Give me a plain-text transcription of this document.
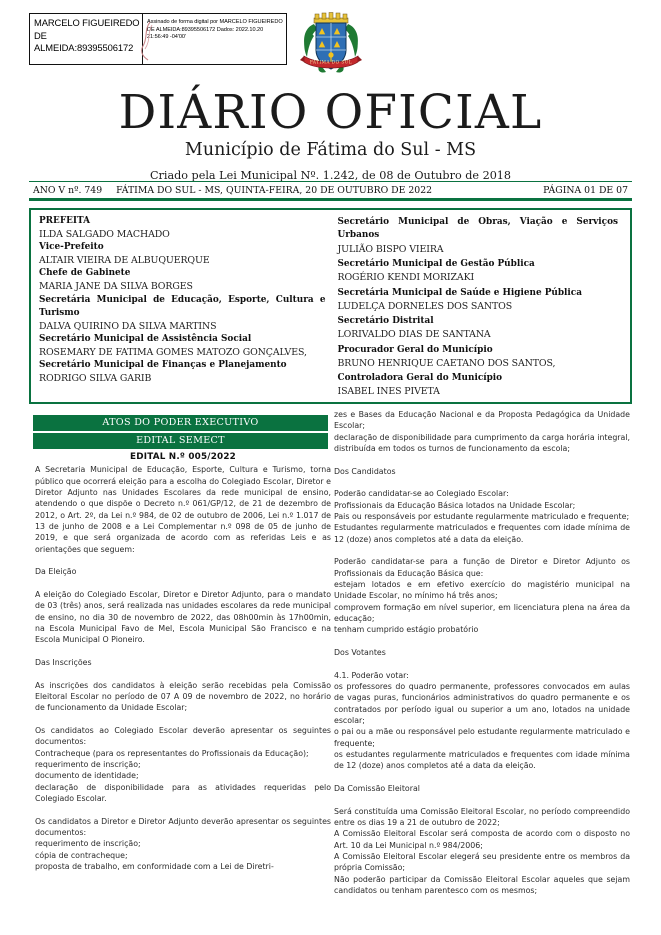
MARCELO FIGUEIREDO DE ALMEIDA:89395506172
Assinado de forma digital por MARCELO FIGUEIREDO DE ALMEIDA:89395506172 Dados: 2022.10.20 21:56:49 -04'00'
FATIMA DO SUL
DIÁRIO OFICIAL
Município de Fátima do Sul - MS
Criado pela Lei Municipal Nº. 1.242, de 08 de Outubro de 2018
ANO V nº. 749 FÁTIMA DO SUL - MS, QUINTA-FEIRA, 20 DE OUTUBRO DE 2022	PÁGINA 01 DE 07
PREFEITA
ILDA SALGADO MACHADO
Vice-Prefeito
ALTAIR VIEIRA DE ALBUQUERQUE
Chefe de Gabinete
MARIA JANE DA SILVA BORGES
Secretária Municipal de Educação, Esporte, Cultura e Turismo
DALVA QUIRINO DA SILVA MARTINS
Secretário Municipal de Assistência Social
ROSEMARY DE FATIMA GOMES MATOZO GONÇALVES,
Secretário Municipal de Finanças e Planejamento
RODRIGO SILVA GARIB
Secretário Municipal de Obras, Viação e Serviços Urbanos
JULIÃO BISPO VIEIRA
Secretário Municipal de Gestão Pública
ROGÉRIO KENDI MORIZAKI
Secretária Municipal de Saúde e Higiene Pública
LUDELÇA DORNELES DOS SANTOS
Secretário Distrital
LORIVALDO DIAS DE SANTANA
Procurador Geral do Município
BRUNO HENRIQUE CAETANO DOS SANTOS,
Controladora Geral do Município
ISABEL INES PIVETA
ATOS DO PODER EXECUTIVO
EDITAL SEMECT
EDITAL N.º 005/2022

A Secretaria Municipal de Educação, Esporte, Cultura e Turismo, torna público que ocorrerá eleição para a escolha do Colegiado Escolar, Diretor e Diretor Adjunto nas Unidades Escolares da rede municipal de ensino, atendendo o que dispõe o Decreto n.º 061/GP/12, de 21 de dezembro de 2012, o Art. 2º, da Lei n.º 984, de 02 de outubro de 2006, Lei n.º 1.017 de 13 de junho de 2008 e a Lei Complementar n.º 098 de 05 de junho de 2019, e que será organizada de acordo com as referidas Leis e as orientações que seguem:

Da Eleição

A eleição do Colegiado Escolar, Diretor e Diretor Adjunto, para o mandato de 03 (três) anos, será realizada nas unidades escolares da rede municipal de ensino, no dia 30 de novembro de 2022, das 08h00min às 17h00min, na Escola Municipal Favo de Mel, Escola Municipal São Francisco e na Escola Municipal O Pioneiro.

Das Inscrições

As inscrições dos candidatos à eleição serão recebidas pela Comissão Eleitoral Escolar no período de 07 A 09 de novembro de 2022, no horário de funcionamento da Unidade Escolar;

Os candidatos ao Colegiado Escolar deverão apresentar os seguintes documentos:

Contracheque (para os representantes do Profissionais da Educação);

requerimento de inscrição;

documento de identidade;

declaração de disponibilidade para as atividades requeridas pelo Colegiado Escolar.

Os candidatos a Diretor e Diretor Adjunto deverão apresentar os seguintes documentos:

requerimento de inscrição;

cópia de contracheque;

proposta de trabalho, em conformidade com a Lei de Diretri-

zes e Bases da Educação Nacional e da Proposta Pedagógica da Unidade Escolar;

declaração de disponibilidade para cumprimento da carga horária integral, distribuída em todos os turnos de funcionamento da escola;

Dos Candidatos

Poderão candidatar-se ao Colegiado Escolar:

Profissionais da Educação Básica lotados na Unidade Escolar;

Pais ou responsáveis por estudante regularmente matriculado e frequente;

Estudantes regularmente matriculados e frequentes com idade mínima de 12 (doze) anos completos até a data da eleição.

Poderão candidatar-se para a função de Diretor e Diretor Adjunto os Profissionais da Educação Básica que:

estejam lotados e em efetivo exercício do magistério municipal na Unidade Escolar, no mínimo há três anos;

comprovem formação em nível superior, em licenciatura plena na área da educação;

tenham cumprido estágio probatório

Dos Votantes

4.1. Poderão votar:

os professores do quadro permanente, professores convocados em aulas de vagas puras, funcionários administrativos do quadro permanente e os contratados por período igual ou superior a um ano, lotados na unidade escolar;

o pai ou a mãe ou responsável pelo estudante regularmente matriculado e frequente;

os estudantes regularmente matriculados e frequentes com idade mínima de 12 (doze) anos completos até a data da eleição.

Da Comissão Eleitoral

Será constituída uma Comissão Eleitoral Escolar, no período compreendido entre os dias 19 a 21 de outubro de 2022;

A Comissão Eleitoral Escolar será composta de acordo com o disposto no Art. 10 da Lei Municipal n.º 984/2006;

A Comissão Eleitoral Escolar elegerá seu presidente entre os membros da própria Comissão;

Não poderão participar da Comissão Eleitoral Escolar aqueles que sejam candidatos ou tenham parentesco com os mesmos;
